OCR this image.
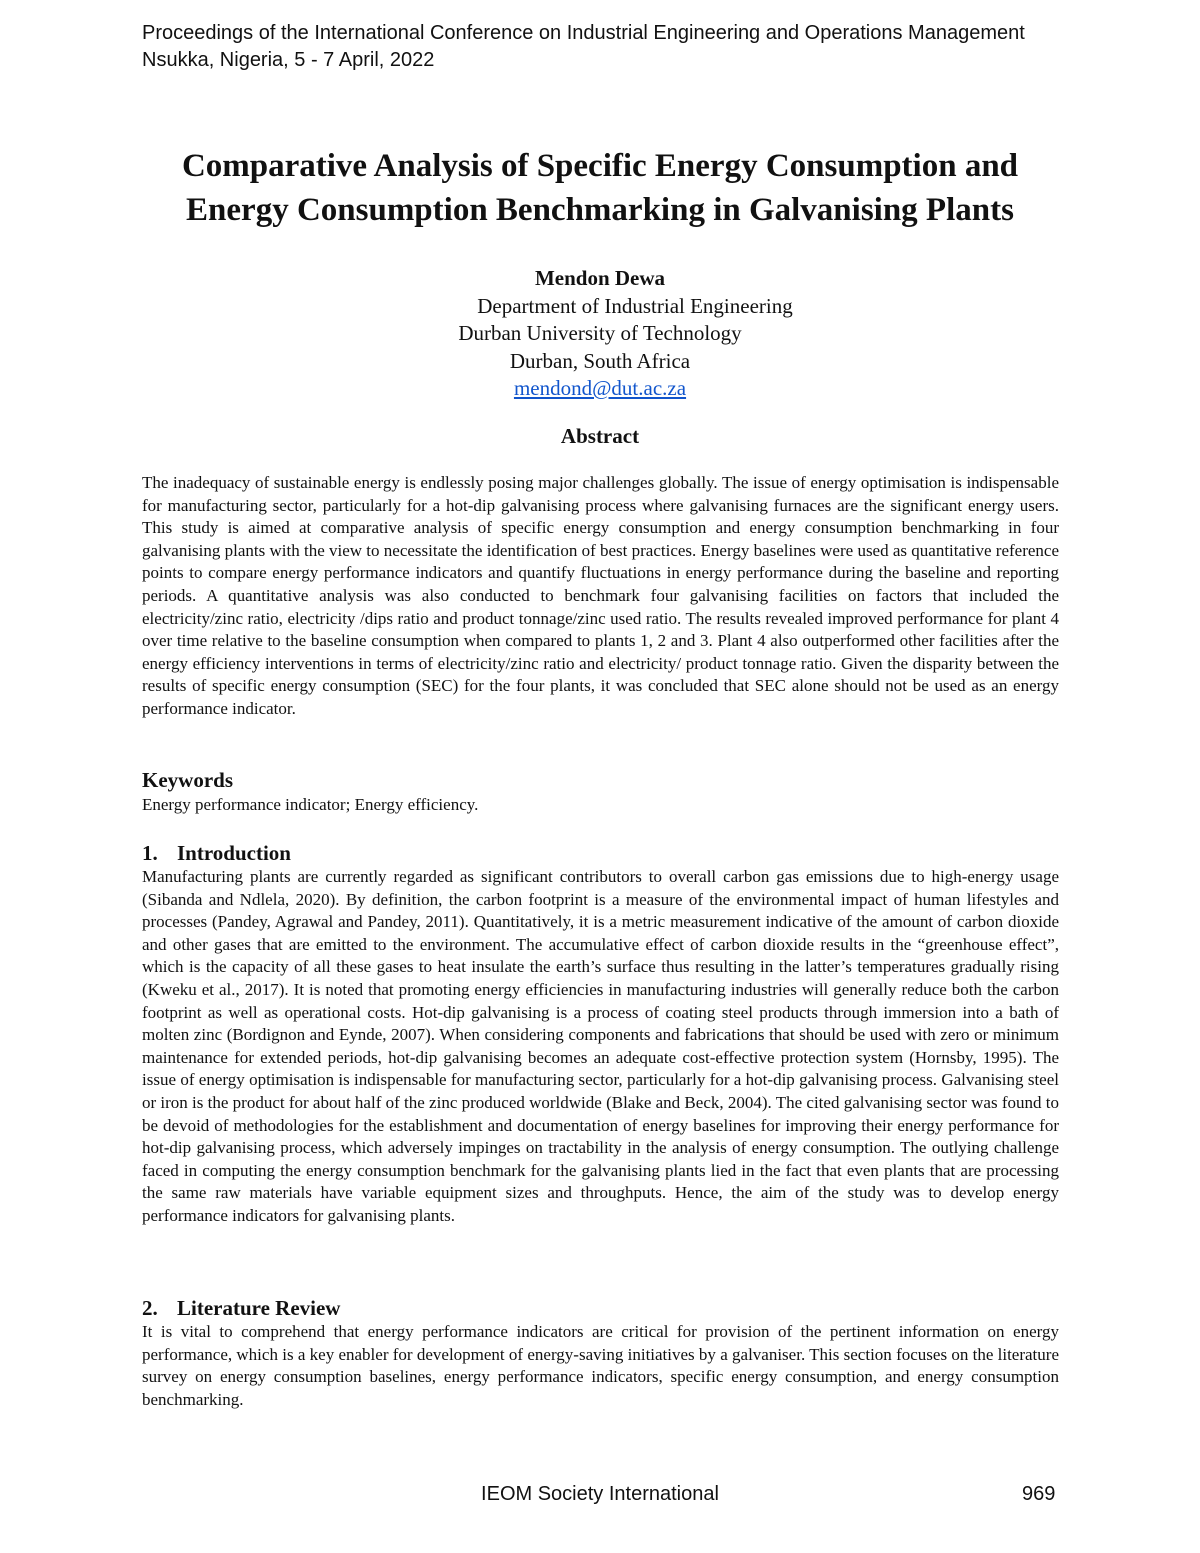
Proceedings of the International Conference on Industrial Engineering and Operations Management
Nsukka, Nigeria, 5 - 7 April, 2022
Comparative Analysis of Specific Energy Consumption and
Energy Consumption Benchmarking in Galvanising Plants
Mendon Dewa
Department of Industrial Engineering
Durban University of Technology
Durban, South Africa
mendond@dut.ac.za
Abstract
The inadequacy of sustainable energy is endlessly posing major challenges globally. The issue of energy optimisation is indispensable for manufacturing sector, particularly for a hot-dip galvanising process where galvanising furnaces are the significant energy users. This study is aimed at comparative analysis of specific energy consumption and energy consumption benchmarking in four galvanising plants with the view to necessitate the identification of best practices. Energy baselines were used as quantitative reference points to compare energy performance indicators and quantify fluctuations in energy performance during the baseline and reporting periods. A quantitative analysis was also conducted to benchmark four galvanising facilities on factors that included the electricity/zinc ratio, electricity /dips ratio and product tonnage/zinc used ratio. The results revealed improved performance for plant 4 over time relative to the baseline consumption when compared to plants 1, 2 and 3. Plant 4 also outperformed other facilities after the energy efficiency interventions in terms of electricity/zinc ratio and electricity/ product tonnage ratio. Given the disparity between the results of specific energy consumption (SEC) for the four plants, it was concluded that SEC alone should not be used as an energy performance indicator.
Keywords
Energy performance indicator; Energy efficiency.
1. Introduction
Manufacturing plants are currently regarded as significant contributors to overall carbon gas emissions due to high-energy usage (Sibanda and Ndlela, 2020). By definition, the carbon footprint is a measure of the environmental impact of human lifestyles and processes (Pandey, Agrawal and Pandey, 2011). Quantitatively, it is a metric measurement indicative of the amount of carbon dioxide and other gases that are emitted to the environment. The accumulative effect of carbon dioxide results in the “greenhouse effect”, which is the capacity of all these gases to heat insulate the earth’s surface thus resulting in the latter’s temperatures gradually rising (Kweku et al., 2017). It is noted that promoting energy efficiencies in manufacturing industries will generally reduce both the carbon footprint as well as operational costs. Hot-dip galvanising is a process of coating steel products through immersion into a bath of molten zinc (Bordignon and Eynde, 2007). When considering components and fabrications that should be used with zero or minimum maintenance for extended periods, hot-dip galvanising becomes an adequate cost-effective protection system (Hornsby, 1995). The issue of energy optimisation is indispensable for manufacturing sector, particularly for a hot-dip galvanising process. Galvanising steel or iron is the product for about half of the zinc produced worldwide (Blake and Beck, 2004). The cited galvanising sector was found to be devoid of methodologies for the establishment and documentation of energy baselines for improving their energy performance for hot-dip galvanising process, which adversely impinges on tractability in the analysis of energy consumption. The outlying challenge faced in computing the energy consumption benchmark for the galvanising plants lied in the fact that even plants that are processing the same raw materials have variable equipment sizes and throughputs. Hence, the aim of the study was to develop energy performance indicators for galvanising plants.
2. Literature Review
It is vital to comprehend that energy performance indicators are critical for provision of the pertinent information on energy performance, which is a key enabler for development of energy-saving initiatives by a galvaniser. This section focuses on the literature survey on energy consumption baselines, energy performance indicators, specific energy consumption, and energy consumption benchmarking.
IEOM Society International	969
